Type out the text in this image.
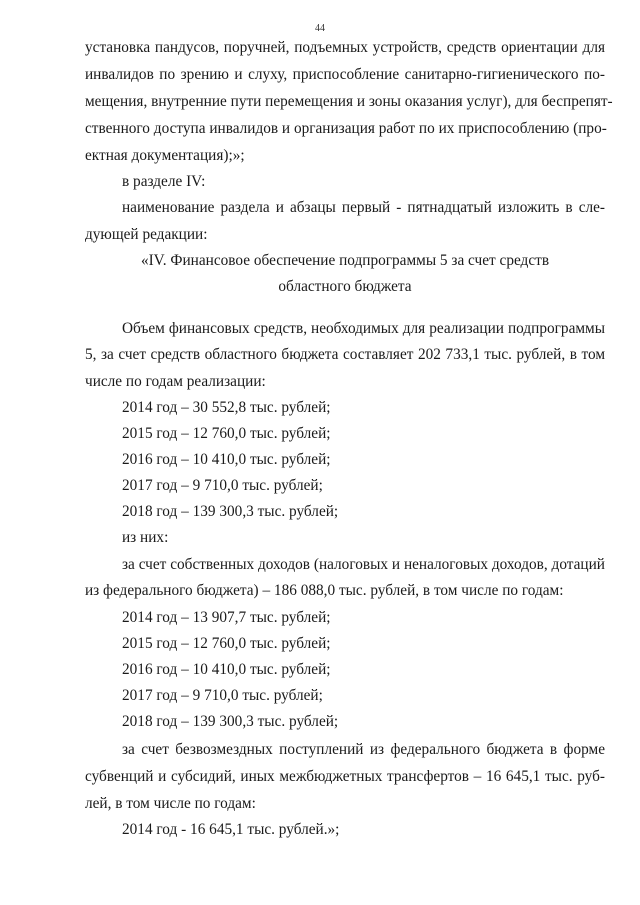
44

установка пандусов, поручней, подъемных устройств, средств ориентации для

инвалидов по зрению и слуху, приспособление санитарно-гигиенического по-

мещения, внутренние пути перемещения и зоны оказания услуг), для беспрепят-

ственного доступа инвалидов и организация работ по их приспособлению (про-

ектная документация);»;

в разделе IV:

наименование раздела и абзацы первый - пятнадцатый изложить в сле-

дующей редакции:

«IV. Финансовое обеспечение подпрограммы 5 за счет средств

областного бюджета

Объем финансовых средств, необходимых для реализации подпрограммы

5, за счет средств областного бюджета составляет 202 733,1 тыс. рублей, в том

числе по годам реализации:

2014 год – 30 552,8 тыс. рублей;

2015 год – 12 760,0 тыс. рублей;

2016 год – 10 410,0 тыс. рублей;

2017 год – 9 710,0 тыс. рублей;

2018 год – 139 300,3 тыс. рублей;

из них:

за счет собственных доходов (налоговых и неналоговых доходов, дотаций

из федерального бюджета) – 186 088,0 тыс. рублей, в том числе по годам:

2014 год – 13 907,7 тыс. рублей;

2015 год – 12 760,0 тыс. рублей;

2016 год – 10 410,0 тыс. рублей;

2017 год – 9 710,0 тыс. рублей;

2018 год – 139 300,3 тыс. рублей;

за счет безвозмездных поступлений из федерального бюджета в форме

субвенций и субсидий, иных межбюджетных трансфертов – 16 645,1 тыс. руб-

лей, в том числе по годам:

2014 год - 16 645,1 тыс. рублей.»;
